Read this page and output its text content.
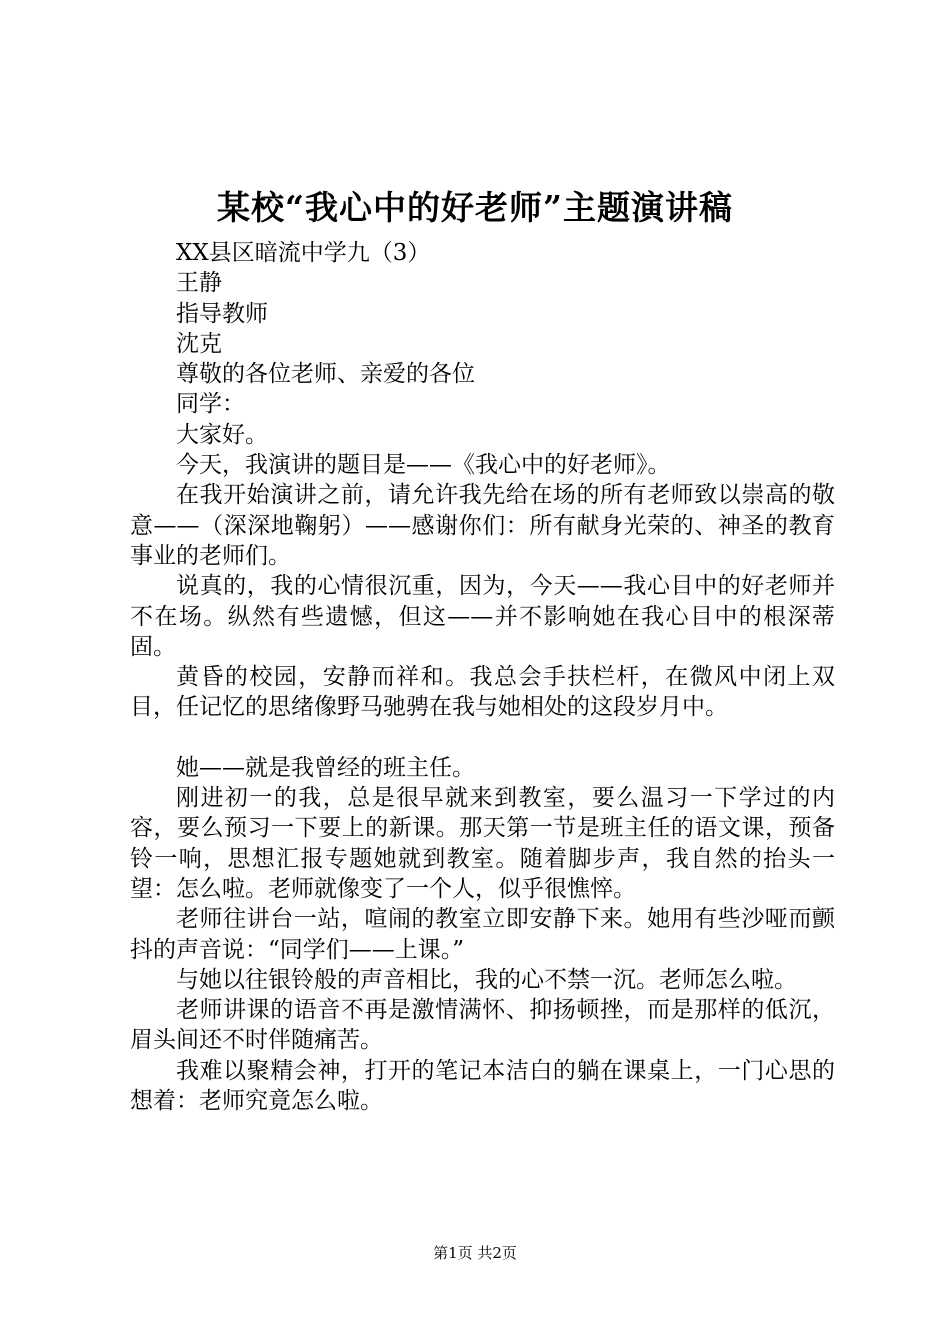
某校“我心中的好老师”主题演讲稿
XX县区暗流中学九（3）
王静
指导教师
沈克
尊敬的各位老师、亲爱的各位
同学：
大家好。
今天，我演讲的题目是——《我心中的好老师》。
在我开始演讲之前，请允许我先给在场的所有老师致以崇高的敬意——（深深地鞠躬）——感谢你们：所有献身光荣的、神圣的教育事业的老师们。
说真的，我的心情很沉重，因为，今天——我心目中的好老师并不在场。纵然有些遗憾，但这——并不影响她在我心目中的根深蒂固。
黄昏的校园，安静而祥和。我总会手扶栏杆，在微风中闭上双目，任记忆的思绪像野马驰骋在我与她相处的这段岁月中。
她——就是我曾经的班主任。
刚进初一的我，总是很早就来到教室，要么温习一下学过的内容，要么预习一下要上的新课。那天第一节是班主任的语文课，预备铃一响，思想汇报专题她就到教室。随着脚步声，我自然的抬头一望：怎么啦。老师就像变了一个人，似乎很憔悴。
老师往讲台一站，喧闹的教室立即安静下来。她用有些沙哑而颤抖的声音说：“同学们——上课。”
与她以往银铃般的声音相比，我的心不禁一沉。老师怎么啦。
老师讲课的语音不再是激情满怀、抑扬顿挫，而是那样的低沉，眉头间还不时伴随痛苦。
我难以聚精会神，打开的笔记本洁白的躺在课桌上，一门心思的想着：老师究竟怎么啦。
第1页 共2页
